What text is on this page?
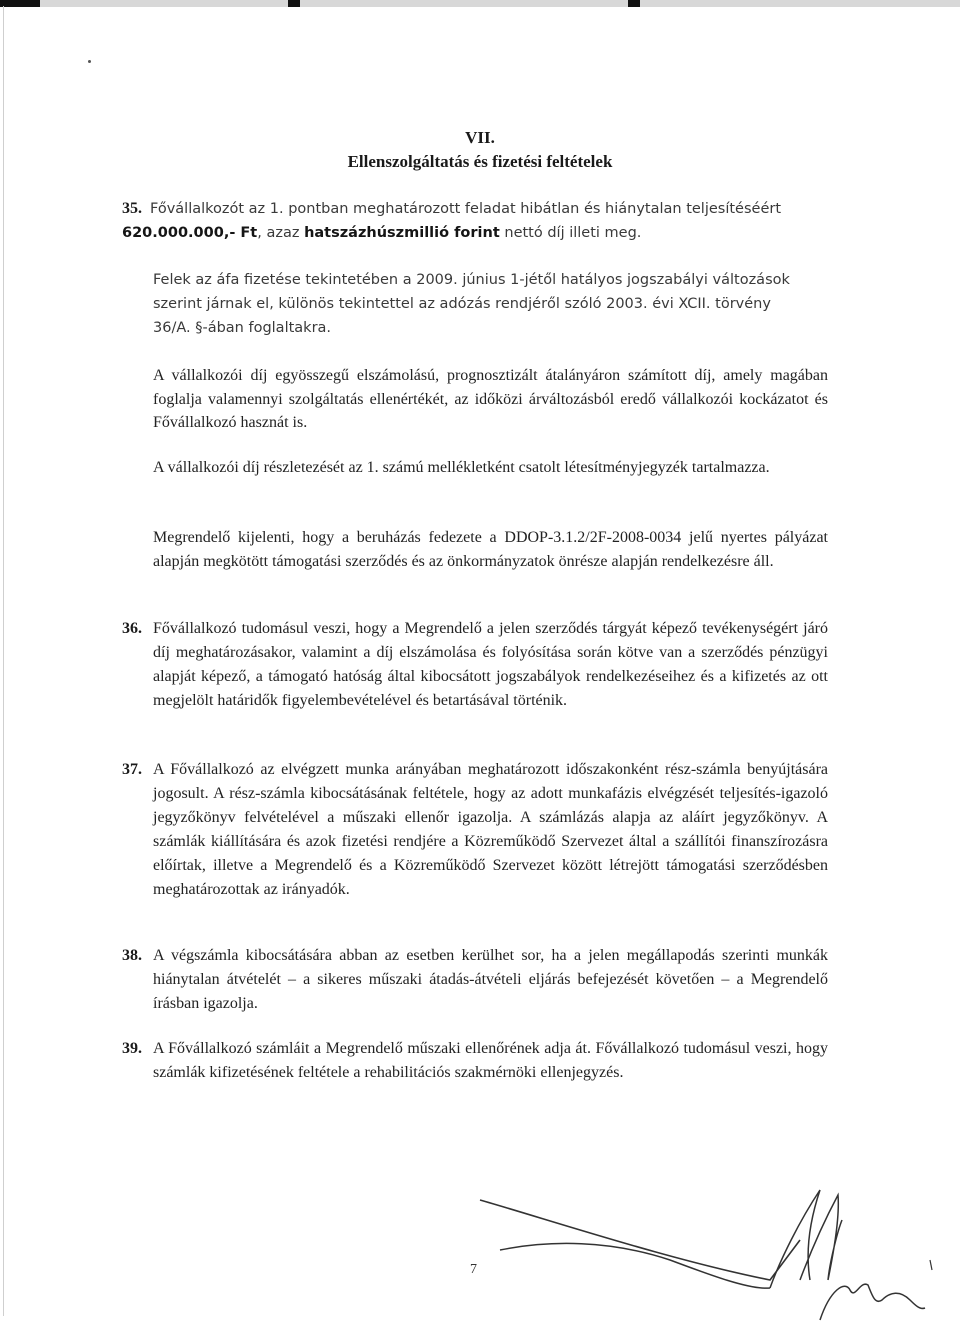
VII.
Ellenszolgáltatás és fizetési feltételek
35. Fővállalkozót az 1. pontban meghatározott feladat hibátlan és hiánytalan teljesítéséért
620.000.000,- Ft, azaz hatszázhúszmillió forint nettó díj illeti meg.
Felek az áfa fizetése tekintetében a 2009. június 1-jétől hatályos jogszabályi változások
szerint járnak el, különös tekintettel az adózás rendjéről szóló 2003. évi XCII. törvény
36/A. §-ában foglaltakra.
A vállalkozói díj egyösszegű elszámolású, prognosztizált átalányáron számított díj, amely magában foglalja valamennyi szolgáltatás ellenértékét, az időközi árváltozásból eredő vállalkozói kockázatot és Fővállalkozó hasznát is.
A vállalkozói díj részletezését az 1. számú mellékletként csatolt létesítményjegyzék tartalmazza.
Megrendelő kijelenti, hogy a beruházás fedezete a DDOP-3.1.2/2F-2008-0034 jelű nyertes pályázat alapján megkötött támogatási szerződés és az önkormányzatok önrésze alapján rendelkezésre áll.
36. Fővállalkozó tudomásul veszi, hogy a Megrendelő a jelen szerződés tárgyát képező tevékenységért járó díj meghatározásakor, valamint a díj elszámolása és folyósítása során kötve van a szerződés pénzügyi alapját képező, a támogató hatóság által kibocsátott jogszabályok rendelkezéseihez és a kifizetés az ott megjelölt határidők figyelembevételével és betartásával történik.
37. A Fővállalkozó az elvégzett munka arányában meghatározott időszakonként rész-számla benyújtására jogosult. A rész-számla kibocsátásának feltétele, hogy az adott munkafázis elvégzését teljesítés-igazoló jegyzőkönyv felvételével a műszaki ellenőr igazolja. A számlázás alapja az aláírt jegyzőkönyv. A számlák kiállítására és azok fizetési rendjére a Közreműködő Szervezet által a szállítói finanszírozásra előírtak, illetve a Megrendelő és a Közreműködő Szervezet között létrejött támogatási szerződésben meghatározottak az irányadók.
38. A végszámla kibocsátására abban az esetben kerülhet sor, ha a jelen megállapodás szerinti munkák hiánytalan átvételét – a sikeres műszaki átadás-átvételi eljárás befejezését követően – a Megrendelő írásban igazolja.
39. A Fővállalkozó számláit a Megrendelő műszaki ellenőrének adja át. Fővállalkozó tudomásul veszi, hogy számlák kifizetésének feltétele a rehabilitációs szakmérnöki ellenjegyzés.
7
